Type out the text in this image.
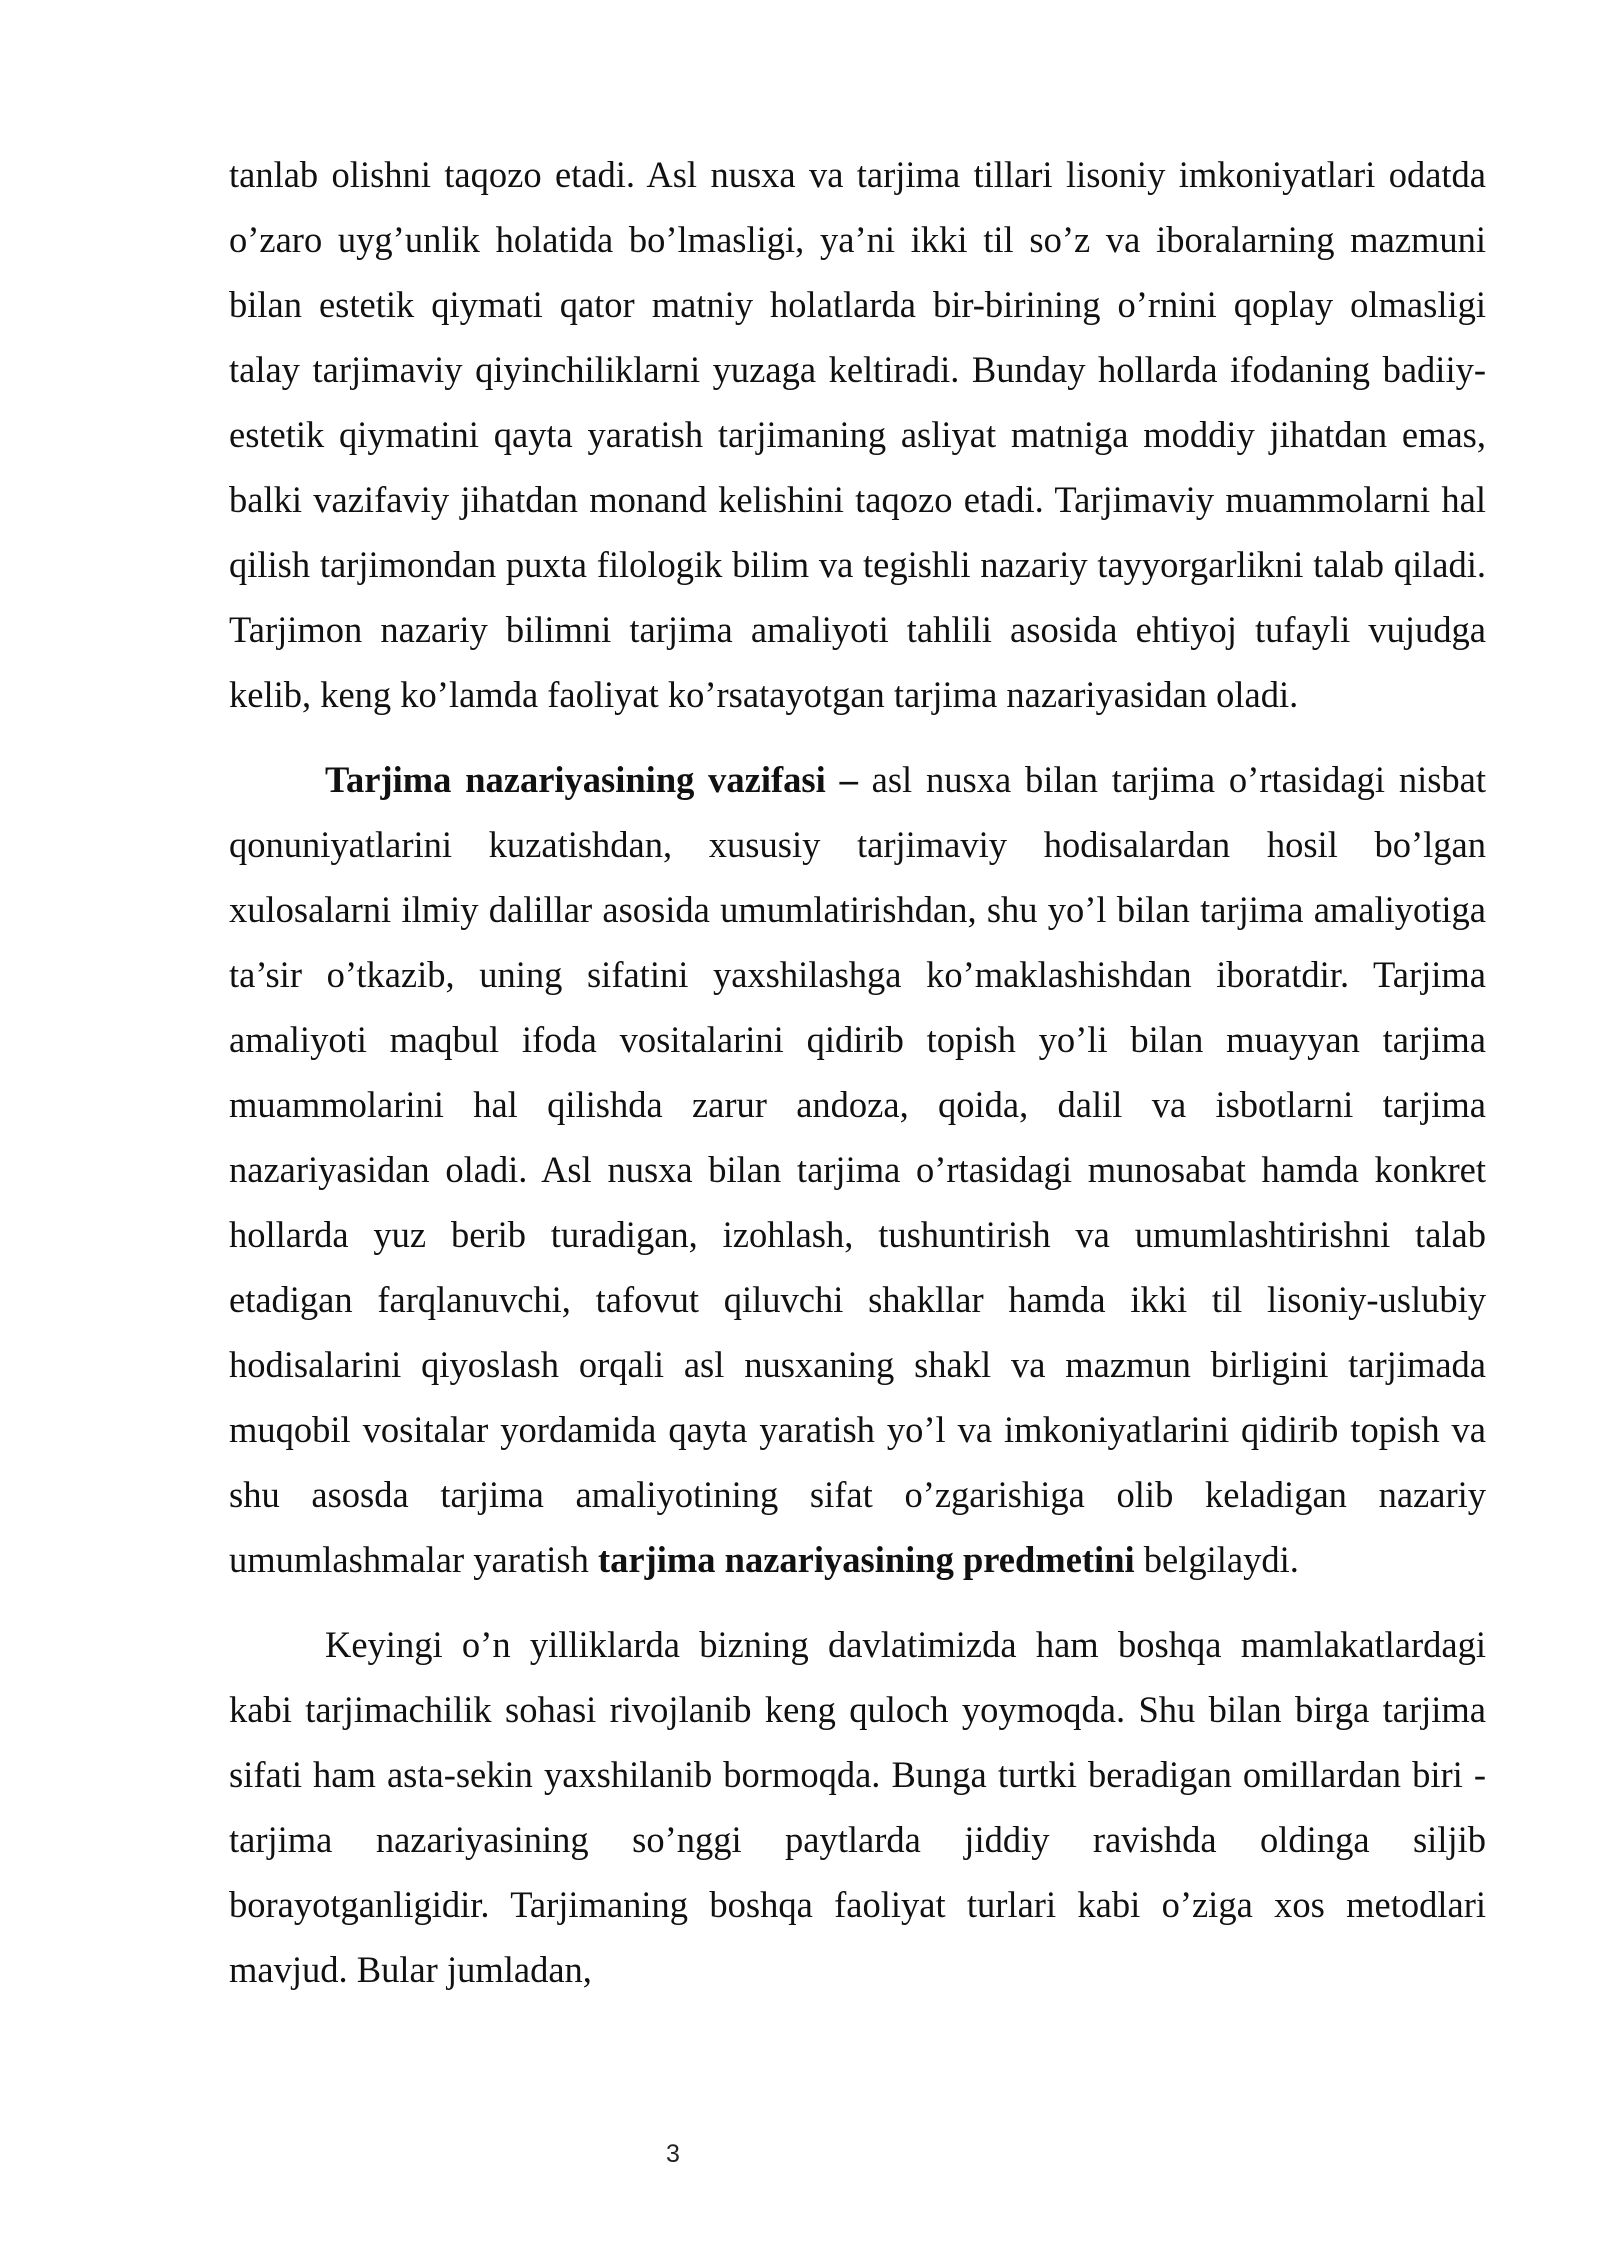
tanlab olishni taqozo etadi. Asl nusxa va tarjima tillari lisoniy imkoniyatlari odatda o’zaro uyg’unlik holatida bo’lmasligi, ya’ni ikki til so’z va iboralarning mazmuni bilan estetik qiymati qator matniy holatlarda bir-birining o’rnini qoplay olmasligi talay tarjimaviy qiyinchiliklarni yuzaga keltiradi. Bunday hollarda ifodaning badiiy-estetik qiymatini qayta yaratish tarjimaning asliyat matniga moddiy jihatdan emas, balki vazifaviy jihatdan monand kelishini taqozo etadi. Tarjimaviy muammolarni hal qilish tarjimondan puxta filologik bilim va tegishli nazariy tayyorgarlikni talab qiladi. Tarjimon nazariy bilimni tarjima amaliyoti tahlili asosida ehtiyoj tufayli vujudga kelib, keng ko’lamda faoliyat ko’rsatayotgan tarjima nazariyasidan oladi.

Tarjima nazariyasining vazifasi – asl nusxa bilan tarjima o’rtasidagi nisbat qonuniyatlarini kuzatishdan, xususiy tarjimaviy hodisalardan hosil bo’lgan xulosalarni ilmiy dalillar asosida umumlatirishdan, shu yo’l bilan tarjima amaliyotiga ta’sir o’tkazib, uning sifatini yaxshilashga ko’maklashishdan iboratdir. Tarjima amaliyoti maqbul ifoda vositalarini qidirib topish yo’li bilan muayyan tarjima muammolarini hal qilishda zarur andoza, qoida, dalil va isbotlarni tarjima nazariyasidan oladi. Asl nusxa bilan tarjima o’rtasidagi munosabat hamda konkret hollarda yuz berib turadigan, izohlash, tushuntirish va umumlashtirishni talab etadigan farqlanuvchi, tafovut qiluvchi shakllar hamda ikki til lisoniy-uslubiy hodisalarini qiyoslash orqali asl nusxaning shakl va mazmun birligini tarjimada muqobil vositalar yordamida qayta yaratish yo’l va imkoniyatlarini qidirib topish va shu asosda tarjima amaliyotining sifat o’zgarishiga olib keladigan nazariy umumlashmalar yaratish tarjima nazariyasining predmetini belgilaydi.

Keyingi o’n yilliklarda bizning davlatimizda ham boshqa mamlakatlardagi kabi tarjimachilik sohasi rivojlanib keng quloch yoymoqda. Shu bilan birga tarjima sifati ham asta-sekin yaxshilanib bormoqda. Bunga turtki beradigan omillardan biri - tarjima nazariyasining so’nggi paytlarda jiddiy ravishda oldinga siljib borayotganligidir. Tarjimaning boshqa faoliyat turlari kabi o’ziga xos metodlari mavjud. Bular jumladan,

3
